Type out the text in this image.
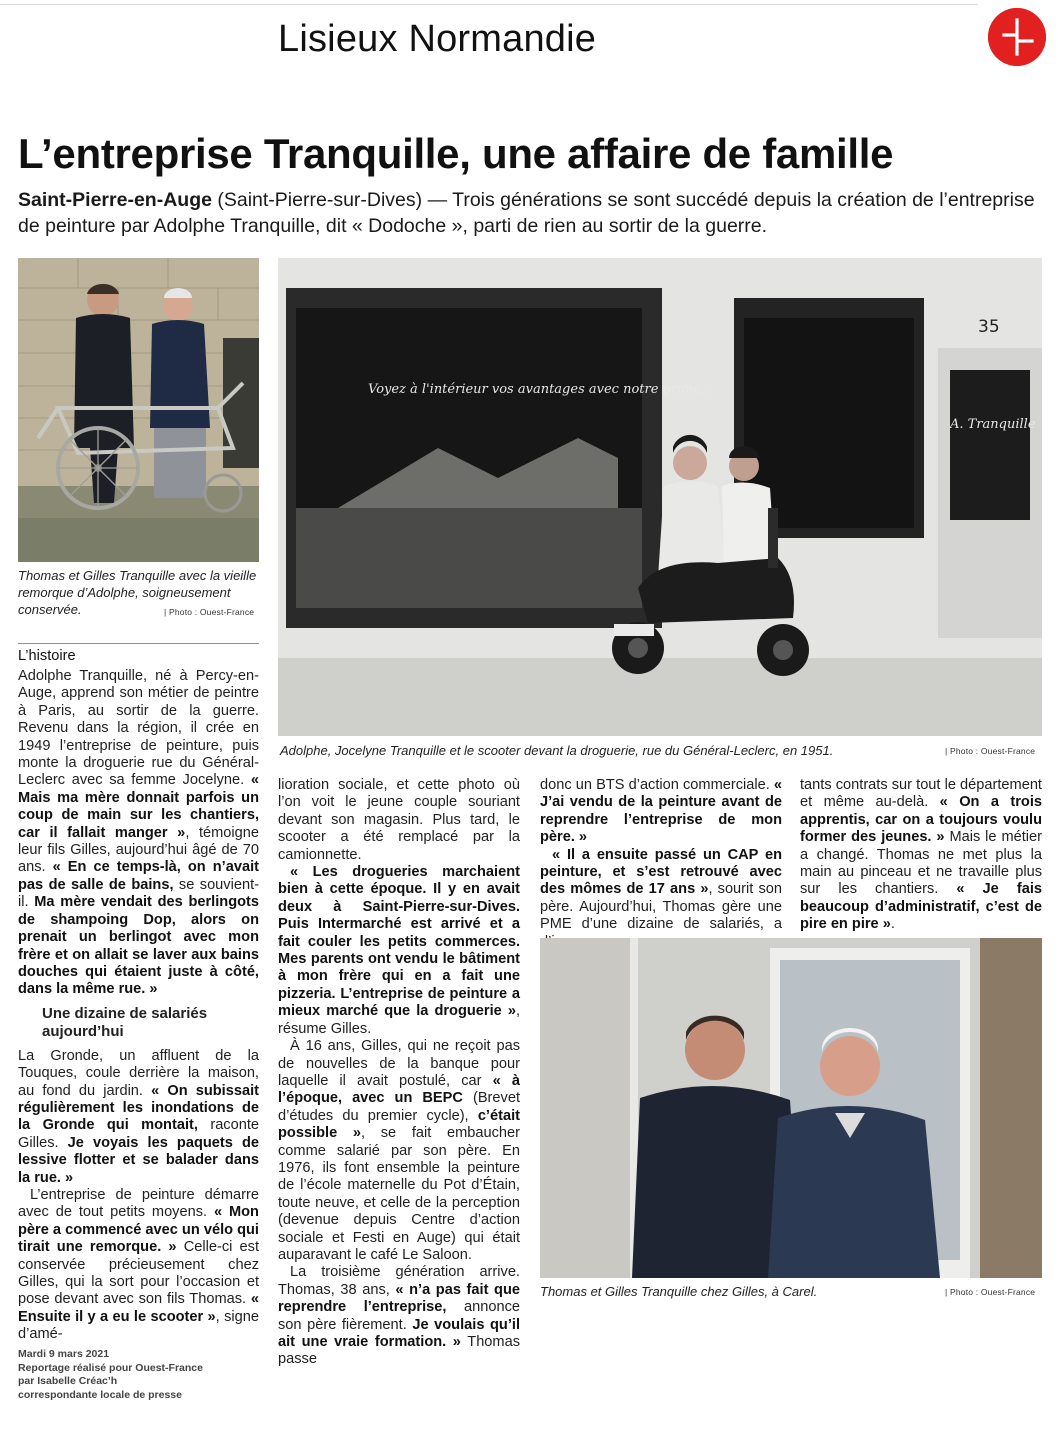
Lisieux Normandie
L’entreprise Tranquille, une affaire de famille
Saint-Pierre-en-Auge (Saint-Pierre-sur-Dives) — Trois générations se sont succédé depuis la création de l’entreprise de peinture par Adolphe Tranquille, dit « Dodoche », parti de rien au sortir de la guerre.
Thomas et Gilles Tranquille avec la vieille remorque d’Adolphe, soigneusement conservée.	| Photo : Ouest-France
Voyez à l'intérieur vos avantages avec notre prime...
A. Tranquille
35
Adolphe, Jocelyne Tranquille et le scooter devant la droguerie, rue du Général-Leclerc, en 1951.	| Photo : Ouest-France
L’histoire

Adolphe Tranquille, né à Percy-en-Auge, apprend son métier de peintre à Paris, au sortir de la guerre. Revenu dans la région, il crée en 1949 l’entreprise de peinture, puis monte la droguerie rue du Général-Leclerc avec sa femme Jocelyne. « Mais ma mère donnait parfois un coup de main sur les chantiers, car il fallait manger », témoigne leur fils Gilles, aujourd’hui âgé de 70 ans. « En ce temps-là, on n’avait pas de salle de bains, se souvient-il. Ma mère vendait des berlingots de shampoing Dop, alors on prenait un berlingot avec mon frère et on allait se laver aux bains douches qui étaient juste à côté, dans la même rue. »

Une dizaine de salariés aujourd’hui

La Gronde, un affluent de la Touques, coule derrière la maison, au fond du jardin. « On subissait régulièrement les inondations de la Gronde qui montait, raconte Gilles. Je voyais les paquets de lessive flotter et se balader dans la rue. »

L’entreprise de peinture démarre avec de tout petits moyens. « Mon père a commencé avec un vélo qui tirait une remorque. » Celle-ci est conservée précieusement chez Gilles, qui la sort pour l’occasion et pose devant avec son fils Thomas. « Ensuite il y a eu le scooter », signe d’amé-

lioration sociale, et cette photo où l’on voit le jeune couple souriant devant son magasin. Plus tard, le scooter a été remplacé par la camionnette.

« Les drogueries marchaient bien à cette époque. Il y en avait deux à Saint-Pierre-sur-Dives. Puis Intermarché est arrivé et a fait couler les petits commerces. Mes parents ont vendu le bâtiment à mon frère qui en a fait une pizzeria. L’entreprise de peinture a mieux marché que la droguerie », résume Gilles.

À 16 ans, Gilles, qui ne reçoit pas de nouvelles de la banque pour laquelle il avait postulé, car « à l’époque, avec un BEPC (Brevet d’études du premier cycle), c’était possible », se fait embaucher comme salarié par son père. En 1976, ils font ensemble la peinture de l’école maternelle du Pot d’Étain, toute neuve, et celle de la perception (devenue depuis Centre d’action sociale et Festi en Auge) qui était auparavant le café Le Saloon.

La troisième génération arrive. Thomas, 38 ans, « n’a pas fait que reprendre l’entreprise, annonce son père fièrement. Je voulais qu’il ait une vraie formation. » Thomas passe

donc un BTS d’action commerciale. « J’ai vendu de la peinture avant de reprendre l’entreprise de mon père. »

« Il a ensuite passé un CAP en peinture, et s’est retrouvé avec des mômes de 17 ans », sourit son père. Aujourd’hui, Thomas gère une PME d’une dizaine de salariés, a

tants contrats sur tout le département et même au-delà. « On a trois apprentis, car on a toujours voulu former des jeunes. » Mais le métier a changé. Thomas ne met plus la main au pinceau et ne travaille plus sur les chantiers. « Je fais beaucoup d’administratif, c’est de pire en pire ».

Thomas et Gilles Tranquille chez Gilles, à Carel.	| Photo : Ouest-France
Mardi 9 mars 2021
Reportage réalisé pour Ouest-France
par Isabelle Créac’h
correspondante locale de presse
